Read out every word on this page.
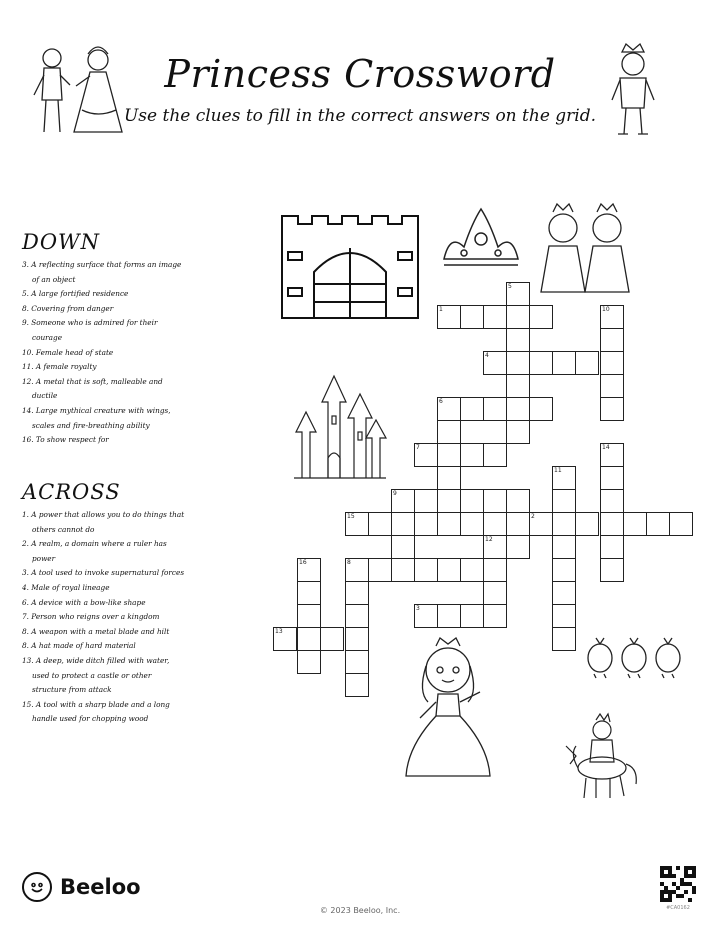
Princess Crossword
Use the clues to fill in the correct answers on the grid.
DOWN
3. A reflecting surface that forms an image of an object
5. A large fortified residence
8. Covering from danger
9. Someone who is admired for their courage
10. Female head of state
11. A female royalty
12. A metal that is soft, malleable and ductile
14. Large mythical creature with wings, scales and fire-breathing ability
16. To show respect for
ACROSS
1. A power that allows you to do things that others cannot do
2. A realm, a domain where a ruler has power
3. A tool used to invoke supernatural forces
4. Male of royal lineage
6. A device with a bow-like shape
7. Person who reigns over a kingdom
8. A weapon with a metal blade and hilt
8. A hat made of hard material
13. A deep, wide ditch filled with water, used to protect a castle or other structure from attack
15. A tool with a sharp blade and a long handle used for chopping wood
1	10
5
4
6
7	14
11
9
15	2
12
8
16
3
13
Beeloo
© 2023 Beeloo, Inc.	#CA0162
